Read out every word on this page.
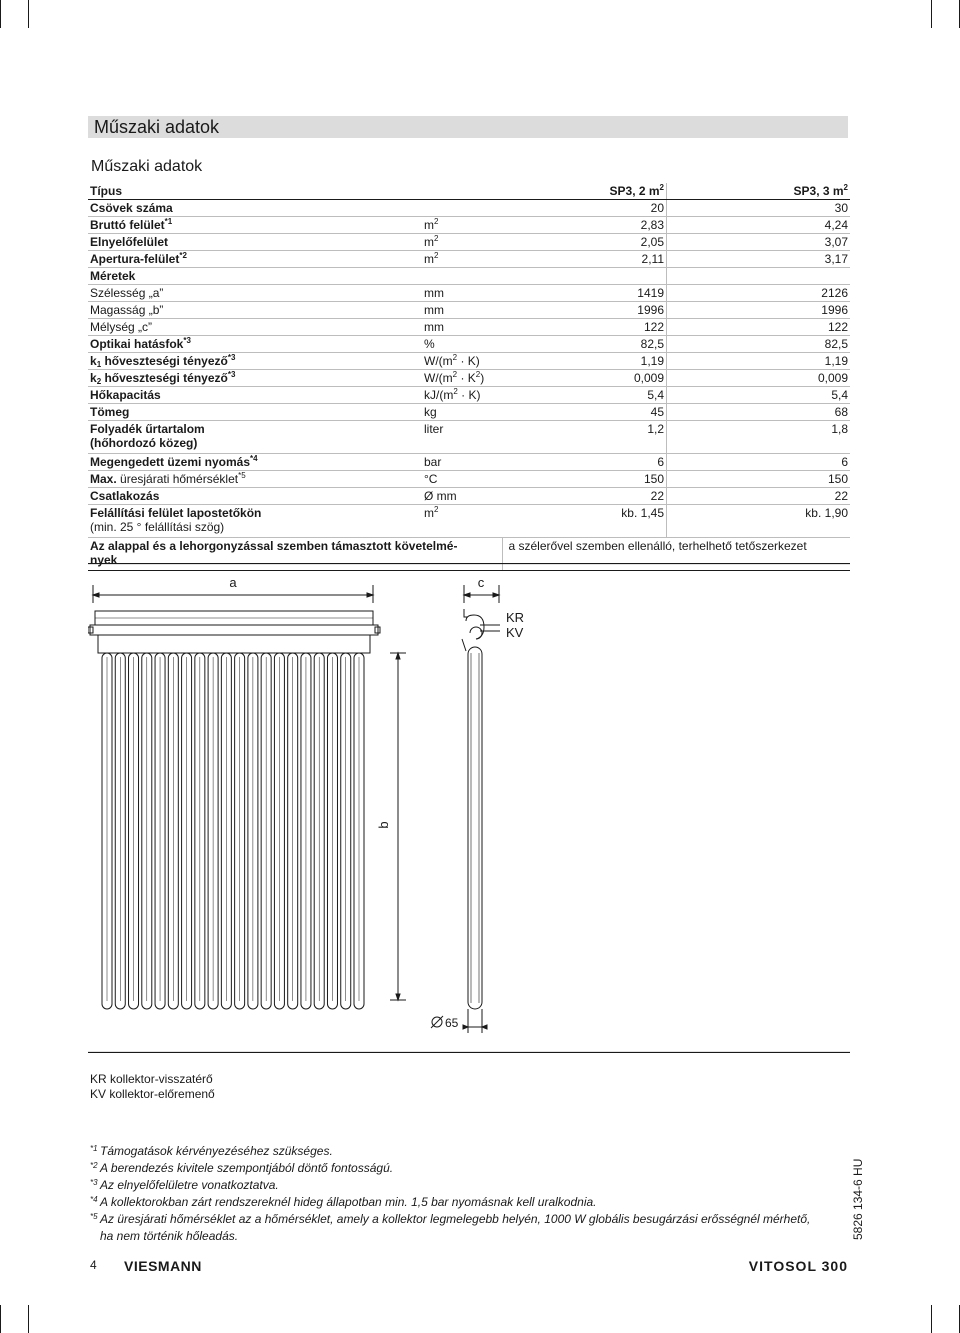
Műszaki adatok
Műszaki adatok
Típus		SP3, 2 $m^2$	SP3, 3 $m^2$
Csövek száma		20	30
Bruttó felület$^{*1}$	$m^2$	2,83	4,24
Elnyelőfelület	$m^2$	2,05	3,07
Apertura-felület$^{*2}$	$m^2$	2,11	3,17
Méretek			
Szélesség „a”	mm	1419	2126
Magasság „b”	mm	1996	1996
Mélység „c”	mm	122	122
Optikai hatásfok$^{*3}$	%	82,5	82,5
$k_1$ hőveszteségi tényező$^{*3}$	$W/(m^2 \cdot K)$	1,19	1,19
$k_2$ hőveszteségi tényező$^{*3}$	$W/(m^2 \cdot K^2)$	0,009	0,009
Hőkapacitás	$kJ/(m^2 \cdot K)$	5,4	5,4
Tömeg	kg	45	68

Folyadék űrtartalom
(hőhordozó közeg)	liter	1,2	1,8
Megengedett üzemi nyomás$^{*4}$	bar	6	6
Max. üresjárati hőmérséklet$^{*5}$	°C	150	150
Csatlakozás	Ø mm	22	22

Felállítási felület lapostetőkön
(min. 25 ° felállítási szög)	$m^2$	kb. 1,45	kb. 1,90

Az alappal és a lehorgonyzással szemben támasztott követelmé-
nyek		a szélerővel szemben ellenálló, terhelhető tetőszerkezet	
a	c
KR
KV
b
65
KR kollektor-visszatérő
KV kollektor-előremenő
*1 Támogatások kérvényezéséhez szükséges.
*2 A berendezés kivitele szempontjából döntő fontosságú.
*3 Az elnyelőfelületre vonatkoztatva.
*4 A kollektorokban zárt rendszereknél hideg állapotban min. 1,5 bar nyomásnak kell uralkodnia.
*5 Az üresjárati hőmérséklet az a hőmérséklet, amely a kollektor legmelegebb helyén, 1000 W globális besugárzási erősségnél mérhető,
ha nem történik hőleadás.	5826 134-6 HU
4 VIESMANN	VITOSOL 300
